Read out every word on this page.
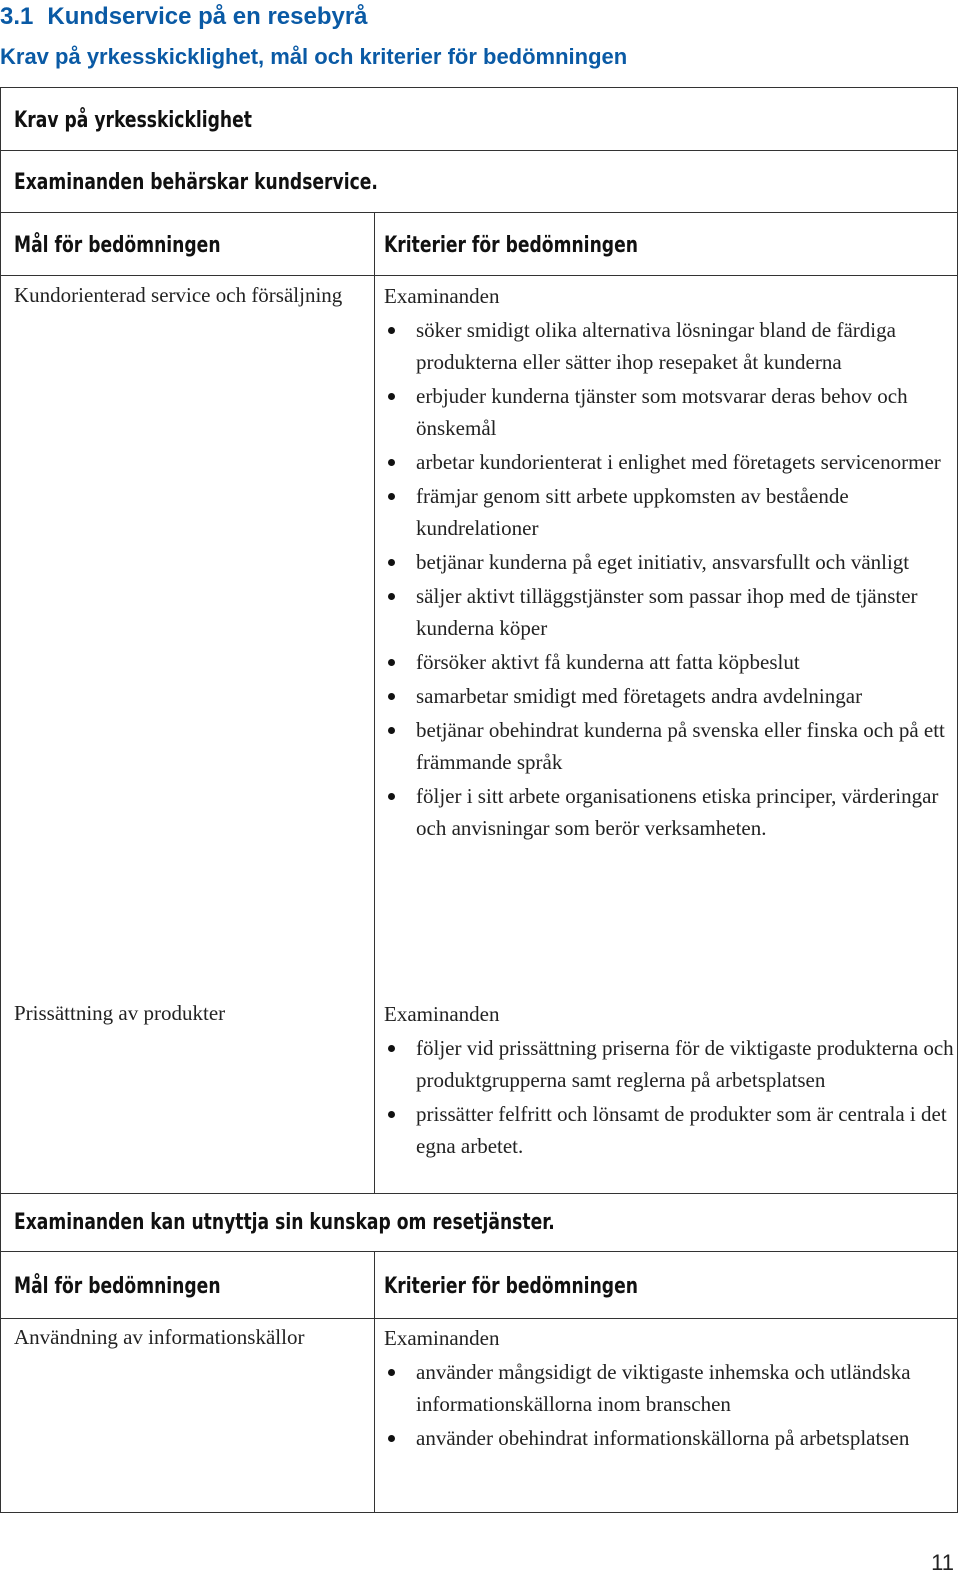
3.1 Kundservice på en resebyrå
Krav på yrkesskicklighet, mål och kriterier för bedömningen
Krav på yrkesskicklighet
Examinanden behärskar kundservice.
Mål för bedömningen	Kriterier för bedömningen
Kundorienterad service och försäljning	Examinanden
söker smidigt olika alternativa lösningar bland de färdiga produkterna eller sätter ihop resepaket åt kunderna
erbjuder kunderna tjänster som motsvarar deras behov och önskemål
arbetar kundorienterat i enlighet med företagets servicenormer
främjar genom sitt arbete uppkomsten av bestående kundrelationer
betjänar kunderna på eget initiativ, ansvarsfullt och vänligt
säljer aktivt tilläggstjänster som passar ihop med de tjänster kunderna köper
försöker aktivt få kunderna att fatta köpbeslut
samarbetar smidigt med företagets andra avdelningar
betjänar obehindrat kunderna på svenska eller finska och på ett främmande språk
följer i sitt arbete organisationens etiska principer, värderingar och anvisningar som berör verksamheten.
Prissättning av produkter	Examinanden
följer vid prissättning priserna för de viktigaste produkterna och produktgrupperna samt reglerna på arbetsplatsen
prissätter felfritt och lönsamt de produkter som är centrala i det egna arbetet.
Examinanden kan utnyttja sin kunskap om resetjänster.
Mål för bedömningen	Kriterier för bedömningen
Användning av informationskällor	Examinanden
använder mångsidigt de viktigaste inhemska och utländska informationskällorna inom branschen
använder obehindrat informationskällorna på arbetsplatsen
11
